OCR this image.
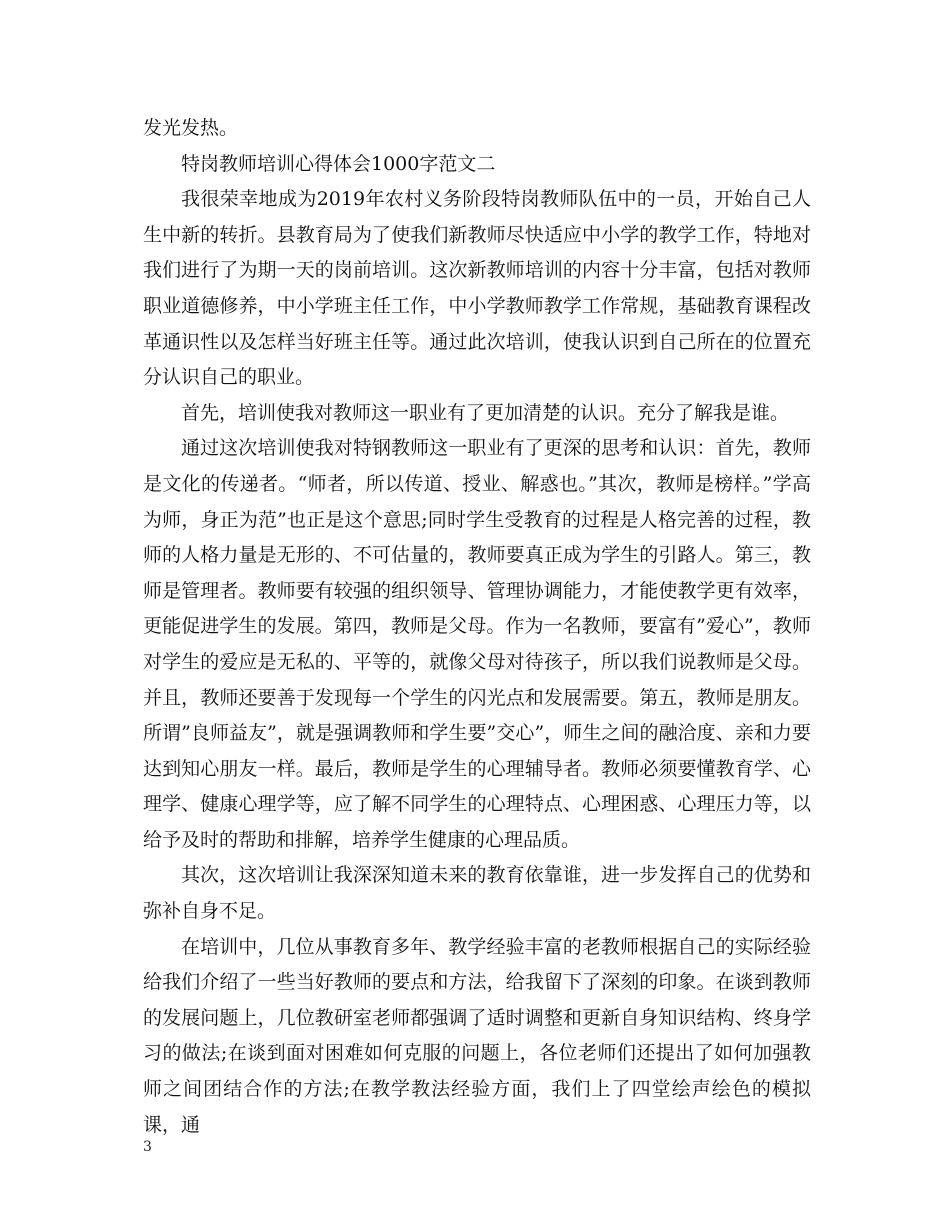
发光发热。

特岗教师培训心得体会1000字范文二

我很荣幸地成为2019年农村义务阶段特岗教师队伍中的一员，开始自己人生中新的转折。县教育局为了使我们新教师尽快适应中小学的教学工作，特地对我们进行了为期一天的岗前培训。这次新教师培训的内容十分丰富，包括对教师职业道德修养，中小学班主任工作，中小学教师教学工作常规，基础教育课程改革通识性以及怎样当好班主任等。通过此次培训，使我认识到自己所在的位置充分认识自己的职业。

首先，培训使我对教师这一职业有了更加清楚的认识。充分了解我是谁。

通过这次培训使我对特钢教师这一职业有了更深的思考和认识：首先，教师是文化的传递者。“师者，所以传道、授业、解惑也。”其次，教师是榜样。”学高为师，身正为范”也正是这个意思;同时学生受教育的过程是人格完善的过程，教师的人格力量是无形的、不可估量的，教师要真正成为学生的引路人。第三，教师是管理者。教师要有较强的组织领导、管理协调能力，才能使教学更有效率，更能促进学生的发展。第四，教师是父母。作为一名教师，要富有”爱心”，教师对学生的爱应是无私的、平等的，就像父母对待孩子，所以我们说教师是父母。并且，教师还要善于发现每一个学生的闪光点和发展需要。第五，教师是朋友。所谓”良师益友”，就是强调教师和学生要”交心”，师生之间的融洽度、亲和力要达到知心朋友一样。最后，教师是学生的心理辅导者。教师必须要懂教育学、心理学、健康心理学等，应了解不同学生的心理特点、心理困惑、心理压力等，以给予及时的帮助和排解，培养学生健康的心理品质。

其次，这次培训让我深深知道未来的教育依靠谁，进一步发挥自己的优势和弥补自身不足。

在培训中，几位从事教育多年、教学经验丰富的老教师根据自己的实际经验给我们介绍了一些当好教师的要点和方法，给我留下了深刻的印象。在谈到教师的发展问题上，几位教研室老师都强调了适时调整和更新自身知识结构、终身学习的做法;在谈到面对困难如何克服的问题上，各位老师们还提出了如何加强教师之间团结合作的方法;在教学教法经验方面，我们上了四堂绘声绘色的模拟课，通

3
